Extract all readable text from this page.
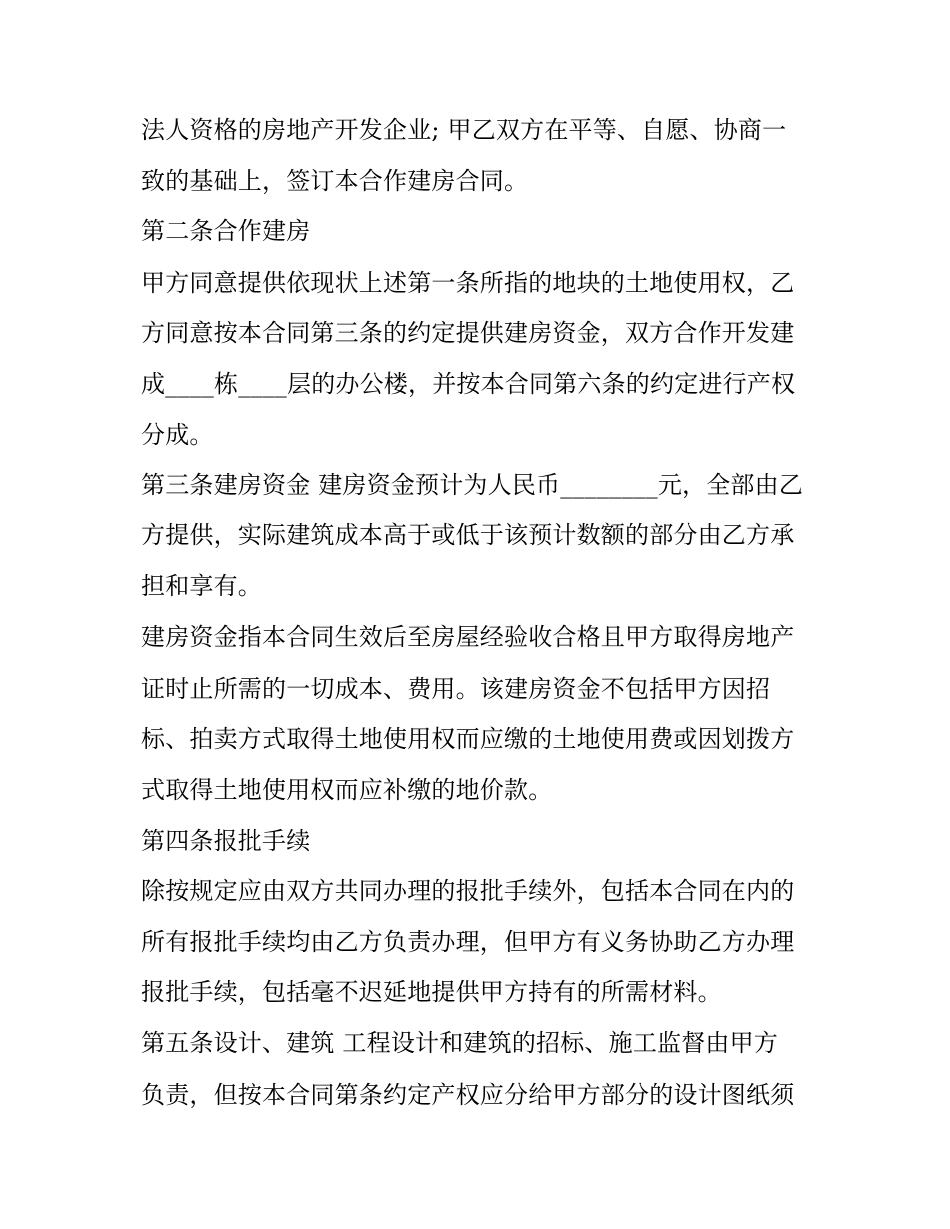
法人资格的房地产开发企业; 甲乙双方在平等、自愿、协商一
致的基础上，签订本合作建房合同。
第二条合作建房
甲方同意提供依现状上述第一条所指的地块的土地使用权，乙
方同意按本合同第三条的约定提供建房资金，双方合作开发建
成____栋____层的办公楼，并按本合同第六条的约定进行产权
分成。
第三条建房资金 建房资金预计为人民币________元，全部由乙
方提供，实际建筑成本高于或低于该预计数额的部分由乙方承
担和享有。
建房资金指本合同生效后至房屋经验收合格且甲方取得房地产
证时止所需的一切成本、费用。该建房资金不包括甲方因招
标、拍卖方式取得土地使用权而应缴的土地使用费或因划拨方
式取得土地使用权而应补缴的地价款。
第四条报批手续
除按规定应由双方共同办理的报批手续外，包括本合同在内的
所有报批手续均由乙方负责办理，但甲方有义务协助乙方办理
报批手续，包括毫不迟延地提供甲方持有的所需材料。
第五条设计、建筑 工程设计和建筑的招标、施工监督由甲方
负责，但按本合同第条约定产权应分给甲方部分的设计图纸须
